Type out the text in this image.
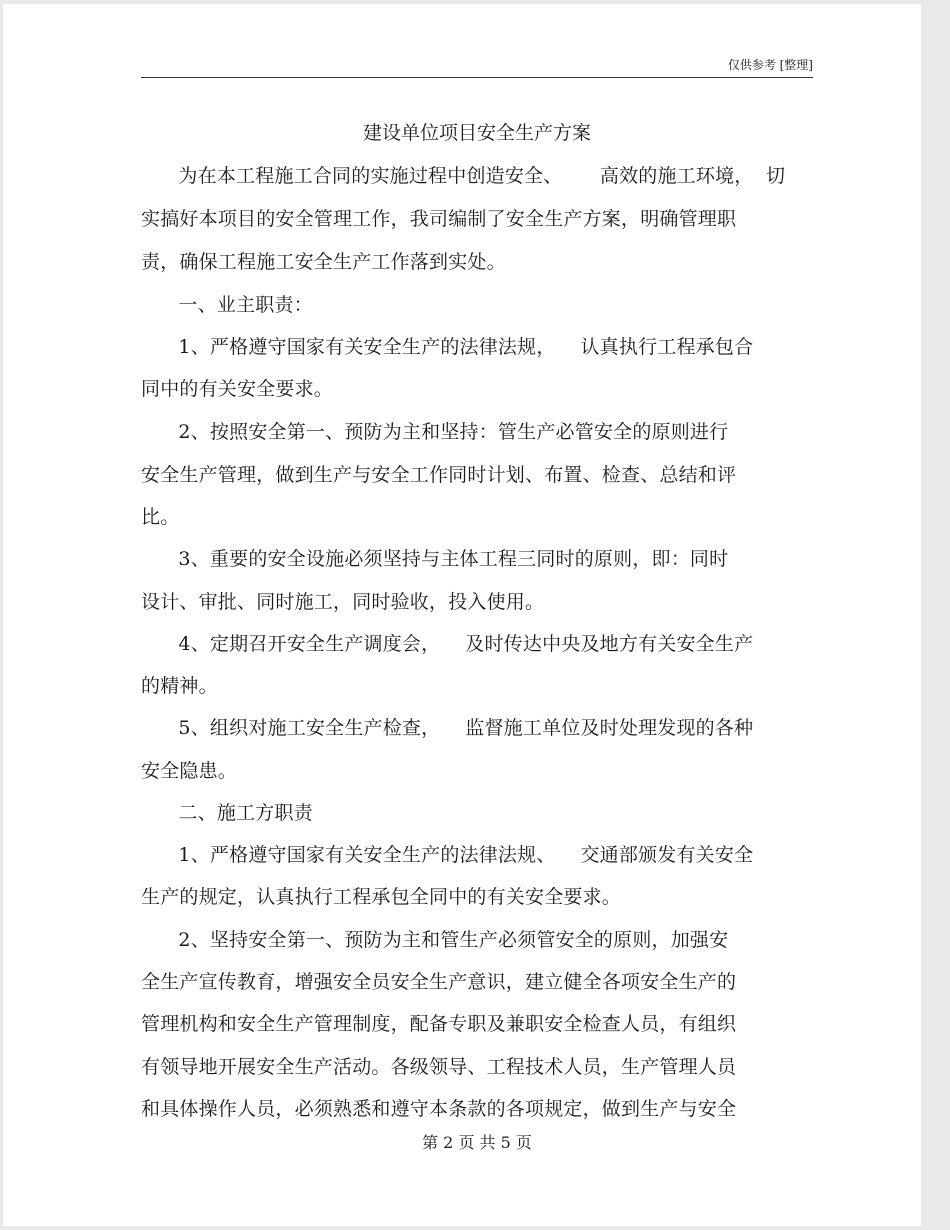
仅供参考 [整理]
建设单位项目安全生产方案
为在本工程施工合同的实施过程中创造安全、      高效的施工环境，  切
实搞好本项目的安全管理工作，我司编制了安全生产方案，明确管理职
责，确保工程施工安全生产工作落到实处。
一、业主职责：
1、严格遵守国家有关安全生产的法律法规，    认真执行工程承包合
同中的有关安全要求。
2、按照安全第一、预防为主和坚持：管生产必管安全的原则进行
安全生产管理，做到生产与安全工作同时计划、布置、检查、总结和评
比。
3、重要的安全设施必须坚持与主体工程三同时的原则，即：同时
设计、审批、同时施工，同时验收，投入使用。
4、定期召开安全生产调度会，    及时传达中央及地方有关安全生产
的精神。
5、组织对施工安全生产检查，    监督施工单位及时处理发现的各种
安全隐患。
二、施工方职责
1、严格遵守国家有关安全生产的法律法规、    交通部颁发有关安全
生产的规定，认真执行工程承包全同中的有关安全要求。
2、坚持安全第一、预防为主和管生产必须管安全的原则，加强安
全生产宣传教育，增强安全员安全生产意识，建立健全各项安全生产的
管理机构和安全生产管理制度，配备专职及兼职安全检查人员，有组织
有领导地开展安全生产活动。各级领导、工程技术人员，生产管理人员
和具体操作人员，必须熟悉和遵守本条款的各项规定，做到生产与安全
第 2 页 共 5 页
